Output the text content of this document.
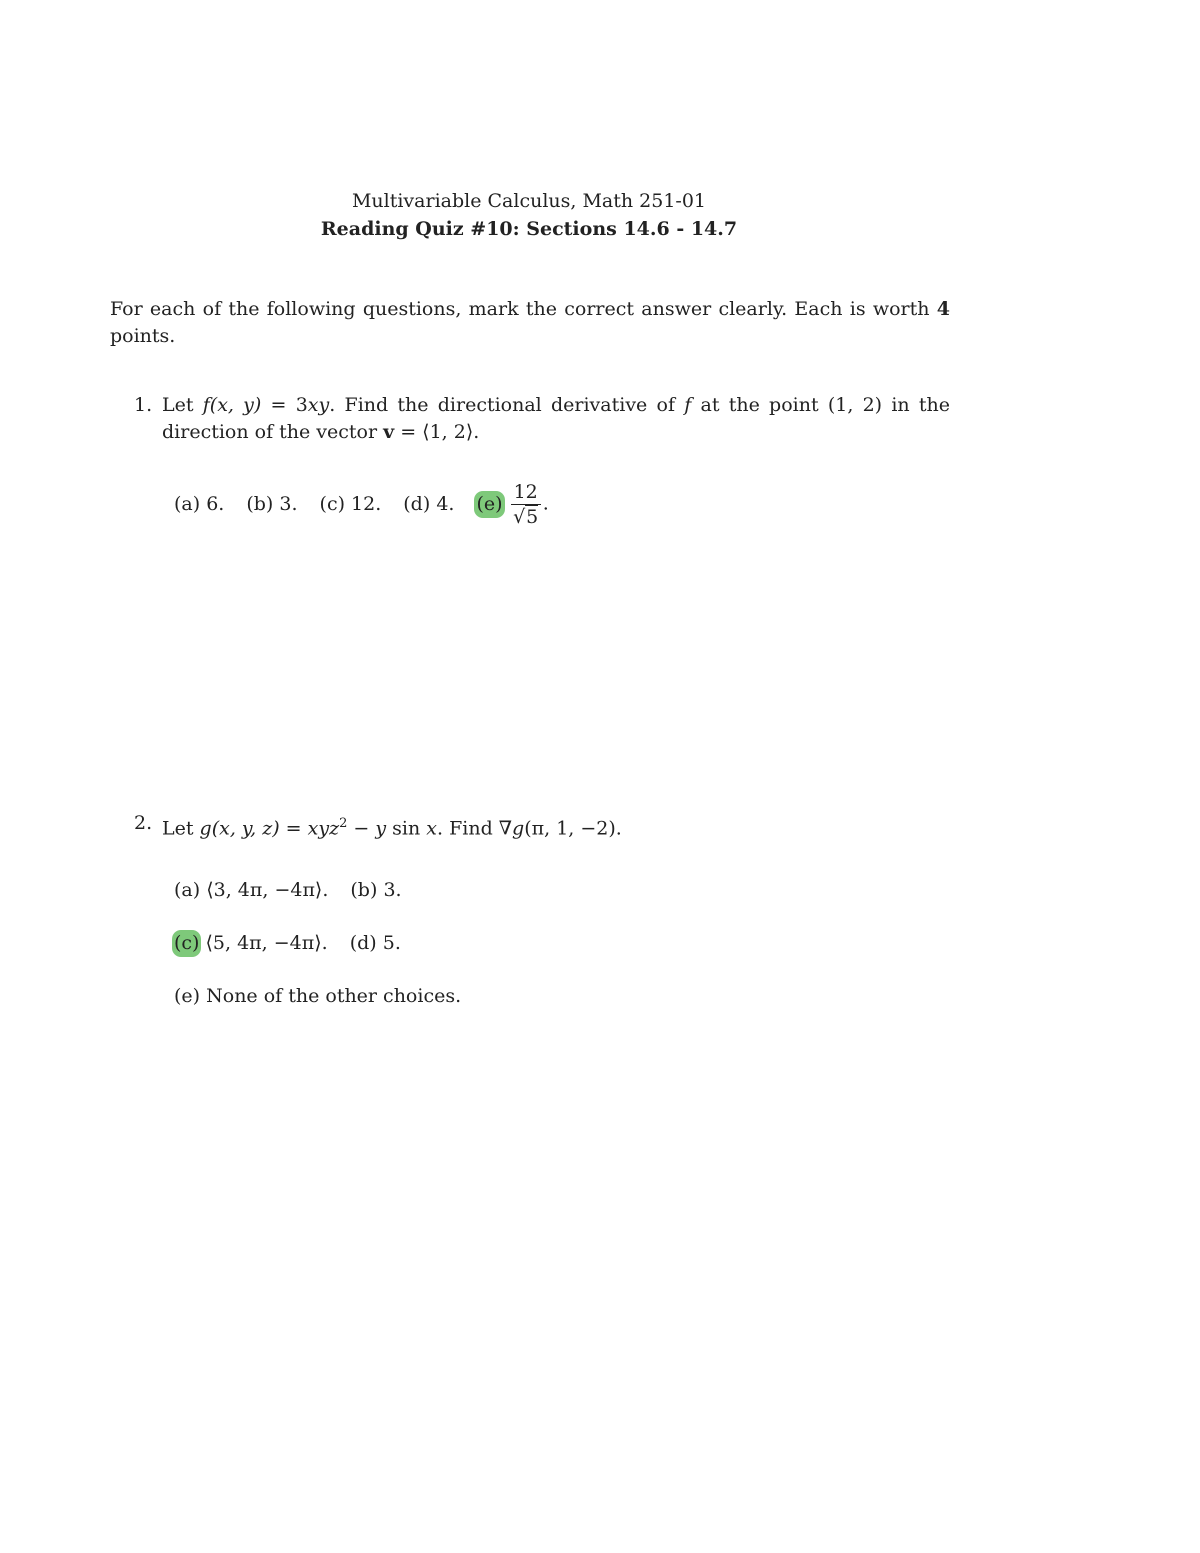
Multivariable Calculus, Math 251-01
Reading Quiz #10: Sections 14.6 - 14.7
For each of the following questions, mark the correct answer clearly. Each is worth 4 points.
1. Let f(x, y) = 3xy. Find the directional derivative of f at the point (1, 2) in the direction of the vector v = ⟨1, 2⟩.
(a) 6. (b) 3. (c) 12. (d) 4. $(e) \frac{12}{√5}$ .
2. Let g(x, y, z) = xyz$^2$ − y sin x. Find ∇g(π, 1, −2).
(a) ⟨3, 4π, −4π⟩. (b) 3.
(c) ⟨5, 4π, −4π⟩. (d) 5.
(e) None of the other choices.
